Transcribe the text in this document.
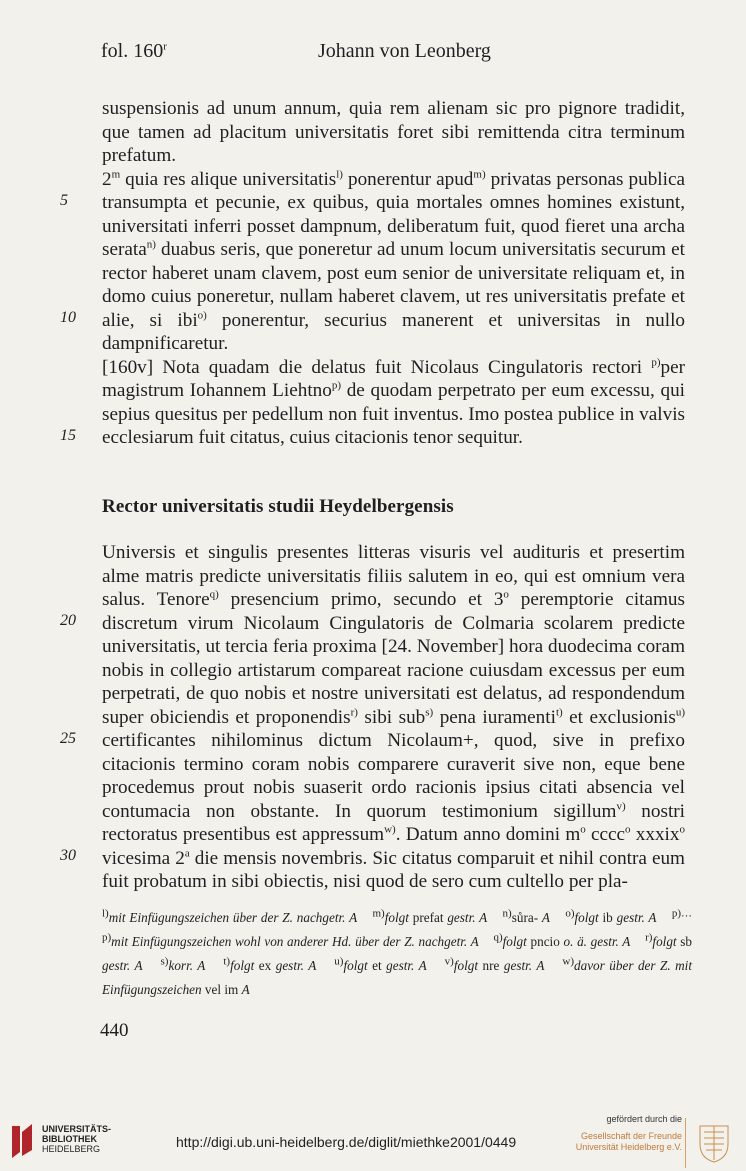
fol. 160$^r$	Johann von Leonberg

suspensionis ad unum annum, quia rem alienam sic pro pignore tradidit, que tamen ad placitum universitatis foret sibi remittenda citra terminum prefatum.

2$^m$ quia res alique universitatis$^{l)}$ ponerentur apud$^{m)}$ privatas personas publica transumpta et pecunie, ex quibus, quia mortales omnes homines existunt, universitati inferri posset dampnum, deliberatum fuit, quod fieret una archa serata$^{n)}$ duabus seris, que poneretur ad unum locum universitatis securum et rector haberet unam clavem, post eum senior de universitate reliquam et, in domo cuius poneretur, nullam haberet clavem, ut res universitatis prefate et alie, si ibi$^{o)}$ ponerentur, securius manerent et universitas in nullo dampnificaretur.

[160v] Nota quadam die delatus fuit Nicolaus Cingulatoris rectori $^{p)}$per magistrum Iohannem Liehtno$^{p)}$ de quodam perpetrato per eum excessu, qui sepius quesitus per pedellum non fuit inventus. Imo postea publice in valvis ecclesiarum fuit citatus, cuius citacionis tenor sequitur.

5
10
15
Rector universitatis studii Heydelbergensis

Universis et singulis presentes litteras visuris vel audituris et presertim alme matris predicte universitatis filiis salutem in eo, qui est omnium vera salus. Tenore$^{q)}$ presencium primo, secundo et 3$^o$ peremptorie citamus discretum virum Nicolaum Cingulatoris de Colmaria scolarem predicte universitatis, ut tercia feria proxima [24. November] hora duodecima coram nobis in collegio artistarum compareat racione cuiusdam excessus per eum perpetrati, de quo nobis et nostre universitati est delatus, ad respondendum super obiciendis et proponendis$^{r)}$ sibi sub$^{s)}$ pena iuramenti$^{t)}$ et exclusionis$^{u)}$ certificantes nihilominus dictum Nicolaum+, quod, sive in prefixo citacionis termino coram nobis comparere curaverit sive non, eque bene procedemus prout nobis suaserit ordo racionis ipsius citati absencia vel contumacia non obstante. In quorum testimonium sigillum$^{v)}$ nostri rectoratus presentibus est appressum$^{w)}$. Datum anno domini $m^o$ cccc$^o$ xxxix$^o$ vicesima 2$^a$ die mensis novembris. Sic citatus comparuit et nihil contra eum fuit probatum in sibi obiectis, nisi quod de sero cum cultello per pla-

20
25
30
$^{l)}$mit Einfügungszeichen über der Z. nachgetr. A $^{m)}$folgt prefat gestr. A $^{n)}$sůra- A $^{o)}$folgt ib gestr. A $^{p)\dots p)}$mit Einfügungszeichen wohl von anderer Hd. über der Z. nachgetr. A $^{q)}$folgt pncio o. ä. gestr. A $^{r)}$folgt sb gestr. A $^{s)}$korr. A $^{t)}$folgt ex gestr. A $^{u)}$folgt et gestr. A $^{v)}$folgt nre gestr. A $^{w)}$davor über der Z. mit Einfügungszeichen vel im A
440
UNIVERSITÄTS-
BIBLIOTHEK
HEIDELBERG	http://digi.ub.uni-heidelberg.de/diglit/miethke2001/0449
gefördert durch die
Gesellschaft der Freunde
Universität Heidelberg e.V.
